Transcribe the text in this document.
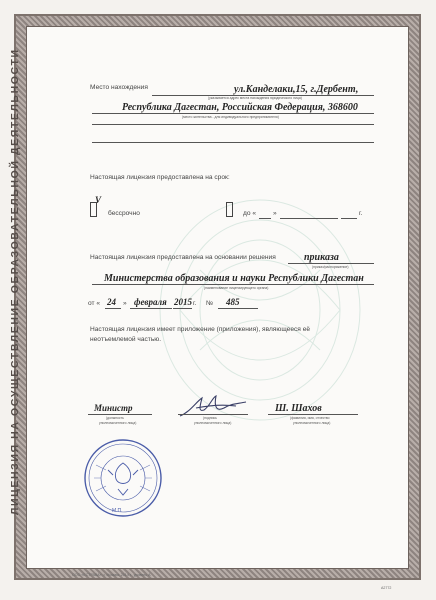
ЛИЦЕНЗИЯ НА ОСУЩЕСТВЛЕНИЕ ОБРАЗОВАТЕЛЬНОЙ ДЕЯТЕЛЬНОСТИ	Место нахождения	ул.Канделаки,15, г.Дербент,
(указывается адрес места нахождения юридического лица)
Республика Дагестан, Российская Федерация, 368600
(место жительства - для индивидуального предпринимателя)
Настоящая лицензия предоставлена на срок:
V
бессрочно	до «	»	г.
Настоящая лицензия предоставлена на основании решения	приказа
(приказ/распоряжение)
Министерства образования и науки Республики Дагестан
(наименование лицензирующего органа)
от « 24 » февраля 2015 г. № 485
Настоящая лицензия имеет приложение (приложения), являющееся её
неотъемлемой частью.
Министр
(должность
уполномоченного лица)
(подпись
уполномоченного лица)
Ш. Шахов
(фамилия, имя, отчество
уполномоченного лица)
М.П.
ООО «ЕСТРАВА», г. Москва, 2014 г., уровень А
А2772
